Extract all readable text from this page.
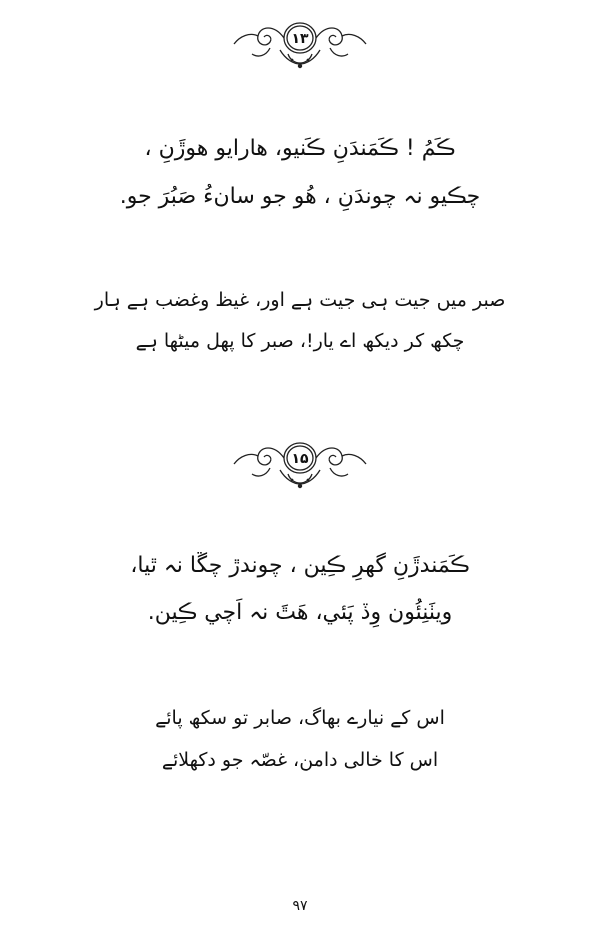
١٣
ڪَمُ ! ڪَمَندَنِ ڪَنيو، هارايو هوڙَنِ ،
چڪيو نہ چوندَنِ ، هُو جو سانءُ صَبُرَ جو.
صبر میں جیت ہی جیت ہے اور، غیظ وغضب ہے ہار
چکھ کر دیکھ اے یار!، صبر کا پھل میٹھا ہے
١۵
ڪَمَندڙَنِ گهرِ ڪِين ، چوندڙ چڱا نہ ٿيا،
ويٺَنِئُون وِڏ پَئي، هَٿَ نہ اَچي ڪِين.
اس کے نیارے بھاگ، صابر تو سکھ پائے
اس کا خالی دامن، غصّہ جو دکھلائے
٩٧
